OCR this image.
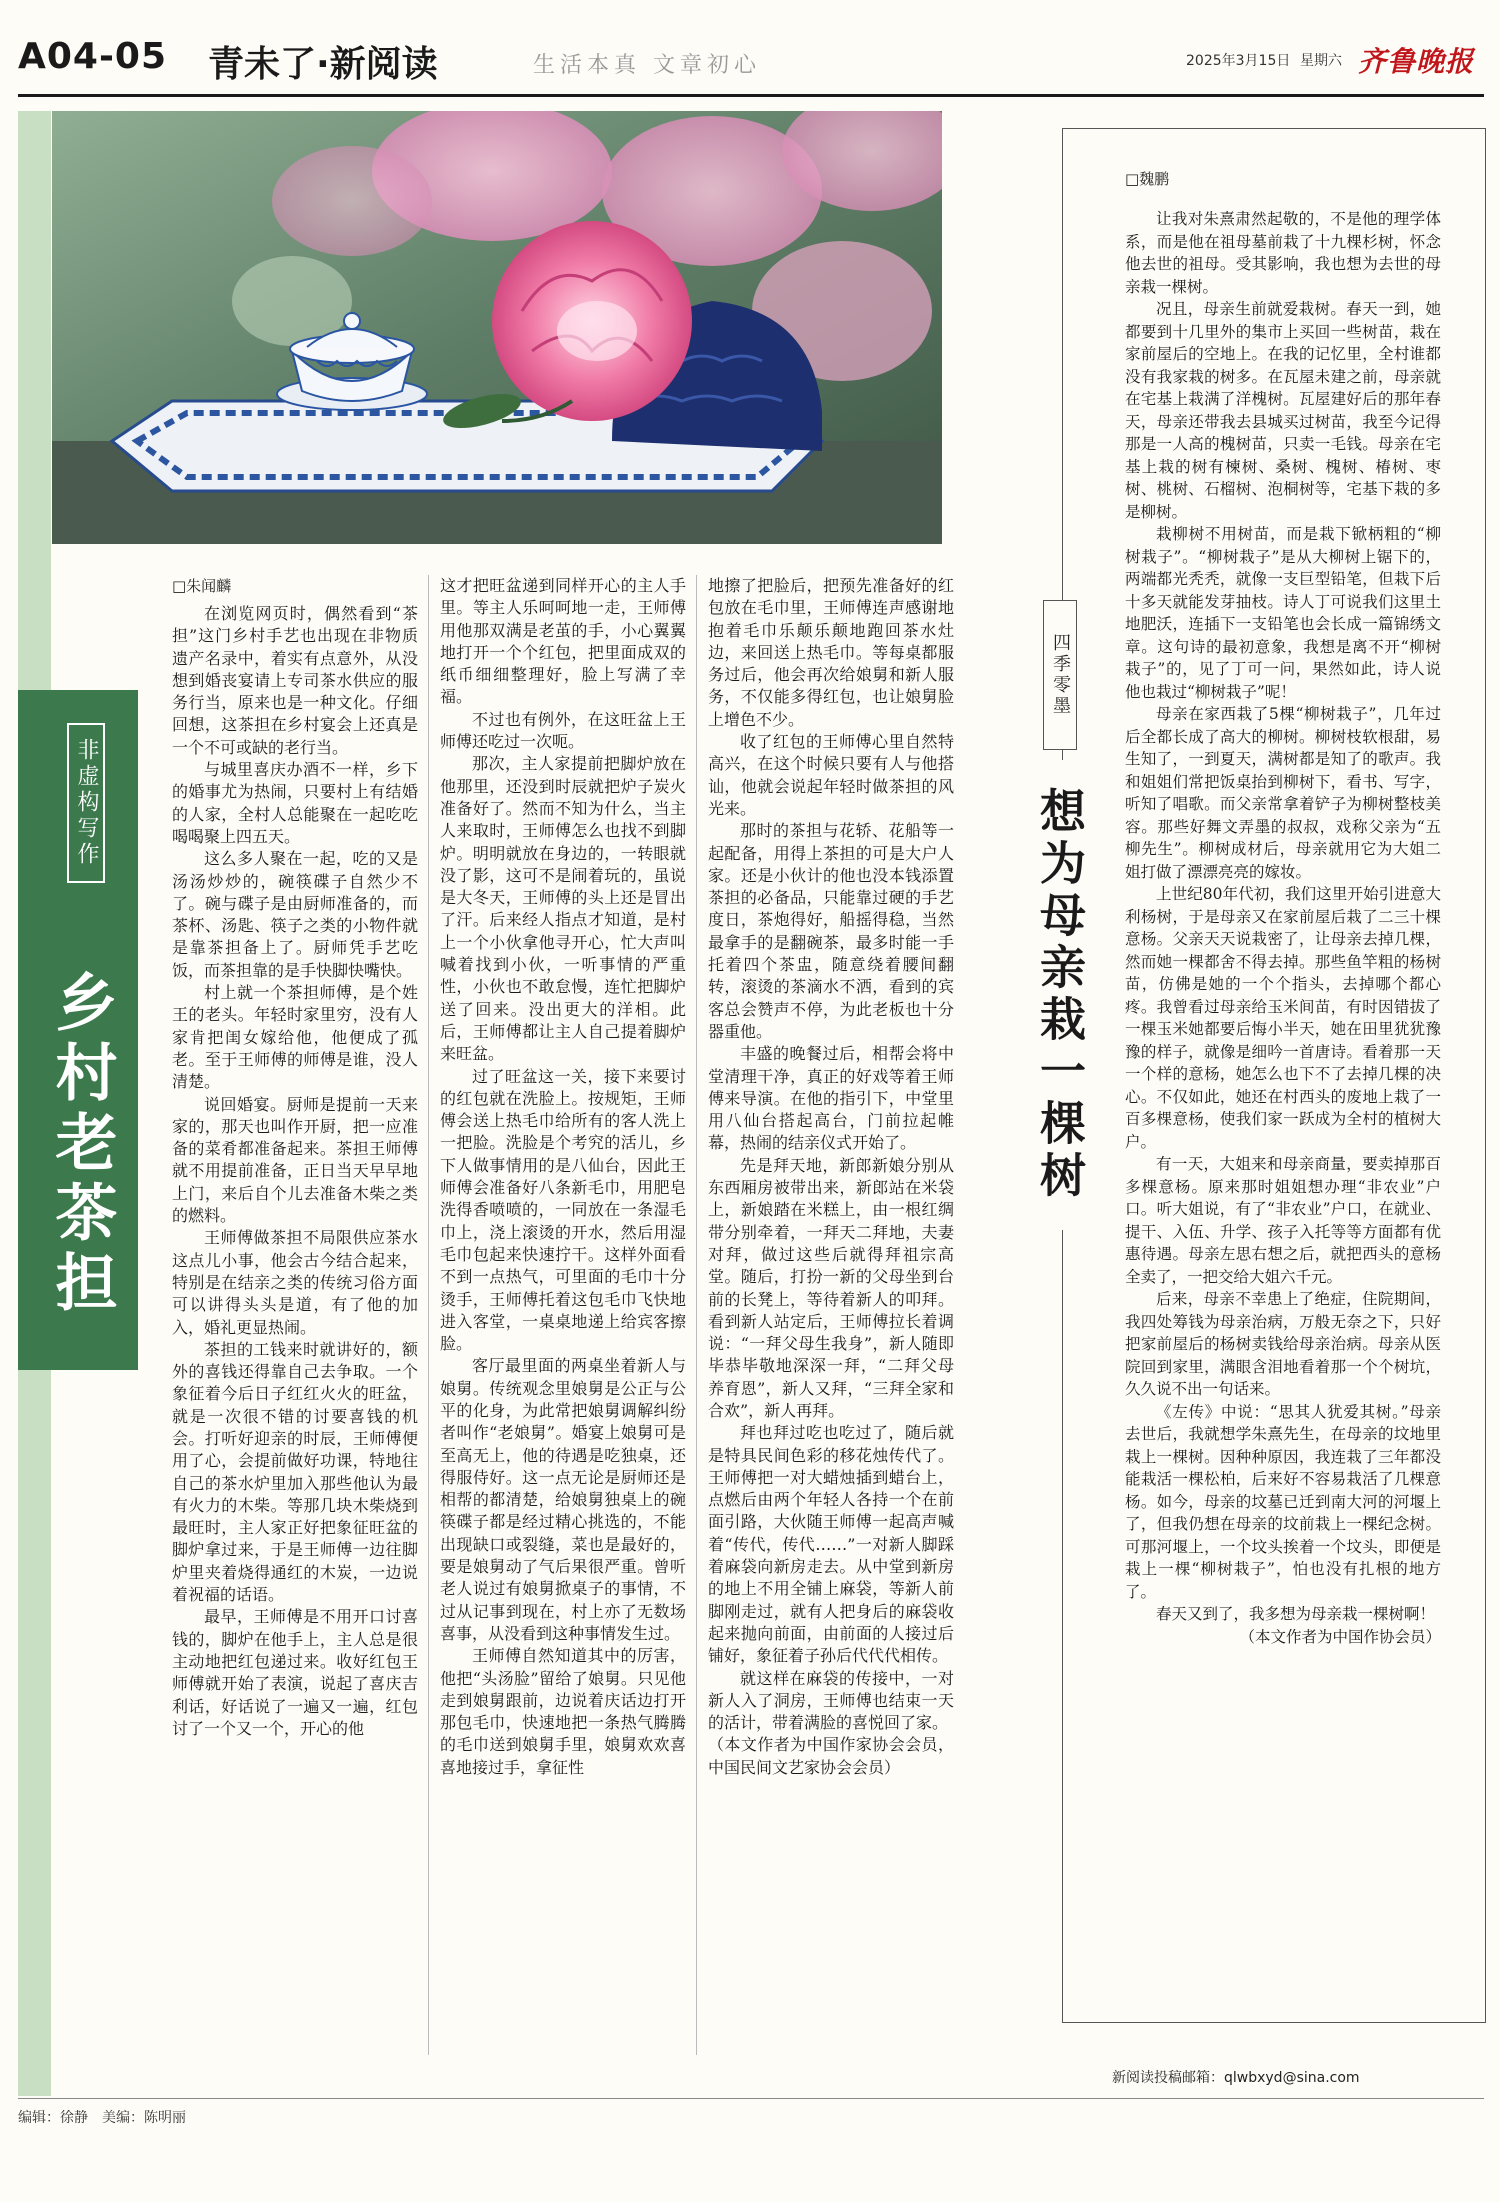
A04-05 青未了·新阅读	生活本真 文章初心	2025年3月15日 星期六 齐鲁晚报
非虚构写作
乡村老茶担
□朱闻麟

在浏览网页时，偶然看到“茶担”这门乡村手艺也出现在非物质遗产名录中，着实有点意外，从没想到婚丧宴请上专司茶水供应的服务行当，原来也是一种文化。仔细回想，这茶担在乡村宴会上还真是一个不可或缺的老行当。

与城里喜庆办酒不一样，乡下的婚事尤为热闹，只要村上有结婚的人家，全村人总能聚在一起吃吃喝喝聚上四五天。

这么多人聚在一起，吃的又是汤汤炒炒的，碗筷碟子自然少不了。碗与碟子是由厨师准备的，而茶杯、汤匙、筷子之类的小物件就是靠茶担备上了。厨师凭手艺吃饭，而茶担靠的是手快脚快嘴快。

村上就一个茶担师傅，是个姓王的老头。年轻时家里穷，没有人家肯把闺女嫁给他，他便成了孤老。至于王师傅的师傅是谁，没人清楚。

说回婚宴。厨师是提前一天来家的，那天也叫作开厨，把一应准备的菜肴都准备起来。茶担王师傅就不用提前准备，正日当天早早地上门，来后自个儿去准备木柴之类的燃料。

王师傅做茶担不局限供应茶水这点儿小事，他会古今结合起来，特别是在结亲之类的传统习俗方面可以讲得头头是道，有了他的加入，婚礼更显热闹。

茶担的工钱来时就讲好的，额外的喜钱还得靠自己去争取。一个象征着今后日子红红火火的旺盆，就是一次很不错的讨要喜钱的机会。打听好迎亲的时辰，王师傅便用了心，会提前做好功课，特地往自己的茶水炉里加入那些他认为最有火力的木柴。等那几块木柴烧到最旺时，主人家正好把象征旺盆的脚炉拿过来，于是王师傅一边往脚炉里夹着烧得通红的木炭，一边说着祝福的话语。

最早，王师傅是不用开口讨喜钱的，脚炉在他手上，主人总是很主动地把红包递过来。收好红包王师傅就开始了表演，说起了喜庆吉利话，好话说了一遍又一遍，红包讨了一个又一个，开心的他

这才把旺盆递到同样开心的主人手里。等主人乐呵呵地一走，王师傅用他那双满是老茧的手，小心翼翼地打开一个个红包，把里面成双的纸币细细整理好，脸上写满了幸福。

不过也有例外，在这旺盆上王师傅还吃过一次呃。

那次，主人家提前把脚炉放在他那里，还没到时辰就把炉子炭火准备好了。然而不知为什么，当主人来取时，王师傅怎么也找不到脚炉。明明就放在身边的，一转眼就没了影，这可不是闹着玩的，虽说是大冬天，王师傅的头上还是冒出了汗。后来经人指点才知道，是村上一个小伙拿他寻开心，忙大声叫喊着找到小伙，一听事情的严重性，小伙也不敢怠慢，连忙把脚炉送了回来。没出更大的洋相。此后，王师傅都让主人自己提着脚炉来旺盆。

过了旺盆这一关，接下来要讨的红包就在洗脸上。按规矩，王师傅会送上热毛巾给所有的客人洗上一把脸。洗脸是个考究的活儿，乡下人做事情用的是八仙台，因此王师傅会准备好八条新毛巾，用肥皂洗得香喷喷的，一同放在一条湿毛巾上，浇上滚烫的开水，然后用湿毛巾包起来快速拧干。这样外面看不到一点热气，可里面的毛巾十分烫手，王师傅托着这包毛巾飞快地进入客堂，一桌桌地递上给宾客擦脸。

客厅最里面的两桌坐着新人与娘舅。传统观念里娘舅是公正与公平的化身，为此常把娘舅调解纠纷者叫作“老娘舅”。婚宴上娘舅可是至高无上，他的待遇是吃独桌，还得服侍好。这一点无论是厨师还是相帮的都清楚，给娘舅独桌上的碗筷碟子都是经过精心挑选的，不能出现缺口或裂缝，菜也是最好的，要是娘舅动了气后果很严重。曾听老人说过有娘舅掀桌子的事情，不过从记事到现在，村上亦了无数场喜事，从没看到这种事情发生过。

王师傅自然知道其中的厉害，他把“头汤脸”留给了娘舅。只见他走到娘舅跟前，边说着庆话边打开那包毛巾，快速地把一条热气腾腾的毛巾送到娘舅手里，娘舅欢欢喜喜地接过手，拿征性

地擦了把脸后，把预先准备好的红包放在毛巾里，王师傅连声感谢地抱着毛巾乐颠乐颠地跑回茶水灶边，来回送上热毛巾。等每桌都服务过后，他会再次给娘舅和新人服务，不仅能多得红包，也让娘舅脸上增色不少。

收了红包的王师傅心里自然特高兴，在这个时候只要有人与他搭讪，他就会说起年轻时做茶担的风光来。

那时的茶担与花轿、花船等一起配备，用得上茶担的可是大户人家。还是小伙计的他也没本钱添置茶担的必备品，只能靠过硬的手艺度日，茶炮得好，船摇得稳，当然最拿手的是翻碗茶，最多时能一手托着四个茶盅，随意绕着腰间翻转，滚烫的茶滴水不洒，看到的宾客总会赞声不停，为此老板也十分器重他。

丰盛的晚餐过后，相帮会将中堂清理干净，真正的好戏等着王师傅来导演。在他的指引下，中堂里用八仙台搭起高台，门前拉起帷幕，热闹的结亲仪式开始了。

先是拜天地，新郎新娘分别从东西厢房被带出来，新郎站在米袋上，新娘踏在米糕上，由一根红绸带分别牵着，一拜天二拜地，夫妻对拜，做过这些后就得拜祖宗高堂。随后，打扮一新的父母坐到台前的长凳上，等待着新人的叩拜。看到新人站定后，王师傅拉长着调说：“一拜父母生我身”，新人随即毕恭毕敬地深深一拜，“二拜父母养育恩”，新人又拜，“三拜全家和合欢”，新人再拜。

拜也拜过吃也吃过了，随后就是特具民间色彩的移花烛传代了。王师傅把一对大蜡烛插到蜡台上，点燃后由两个年轻人各持一个在前面引路，大伙随王师傅一起高声喊着“传代，传代……”一对新人脚踩着麻袋向新房走去。从中堂到新房的地上不用全铺上麻袋，等新人前脚刚走过，就有人把身后的麻袋收起来抛向前面，由前面的人接过后铺好，象征着子孙后代代代相传。

就这样在麻袋的传接中，一对新人入了洞房，王师傅也结束一天的活计，带着满脸的喜悦回了家。

（本文作者为中国作家协会会员，中国民间文艺家协会会员）

四季零墨
想为母亲栽一棵树
□魏鹏

让我对朱熹肃然起敬的，不是他的理学体系，而是他在祖母墓前栽了十九棵杉树，怀念他去世的祖母。受其影响，我也想为去世的母亲栽一棵树。

况且，母亲生前就爱栽树。春天一到，她都要到十几里外的集市上买回一些树苗，栽在家前屋后的空地上。在我的记忆里，全村谁都没有我家栽的树多。在瓦屋未建之前，母亲就在宅基上栽满了洋槐树。瓦屋建好后的那年春天，母亲还带我去县城买过树苗，我至今记得那是一人高的槐树苗，只卖一毛钱。母亲在宅基上栽的树有楝树、桑树、槐树、椿树、枣树、桃树、石榴树、泡桐树等，宅基下栽的多是柳树。

栽柳树不用树苗，而是栽下锨柄粗的“柳树栽子”。“柳树栽子”是从大柳树上锯下的，两端都光秃秃，就像一支巨型铅笔，但栽下后十多天就能发芽抽枝。诗人丁可说我们这里土地肥沃，连插下一支铅笔也会长成一篇锦绣文章。这句诗的最初意象，我想是离不开“柳树栽子”的，见了丁可一问，果然如此，诗人说他也栽过“柳树栽子”呢！

母亲在家西栽了5棵“柳树栽子”，几年过后全都长成了高大的柳树。柳树枝软根甜，易生知了，一到夏天，满树都是知了的歌声。我和姐姐们常把饭桌抬到柳树下，看书、写字，听知了唱歌。而父亲常拿着铲子为柳树整枝美容。那些好舞文弄墨的叔叔，戏称父亲为“五柳先生”。柳树成材后，母亲就用它为大姐二姐打做了漂漂亮亮的嫁妆。

上世纪80年代初，我们这里开始引进意大利杨树，于是母亲又在家前屋后栽了二三十棵意杨。父亲天天说栽密了，让母亲去掉几棵，然而她一棵都舍不得去掉。那些鱼竿粗的杨树苗，仿佛是她的一个个指头，去掉哪个都心疼。我曾看过母亲给玉米间苗，有时因错拔了一棵玉米她都要后悔小半天，她在田里犹犹豫豫的样子，就像是细吟一首唐诗。看着那一天一个样的意杨，她怎么也下不了去掉几棵的决心。不仅如此，她还在村西头的废地上栽了一百多棵意杨，使我们家一跃成为全村的植树大户。

有一天，大姐来和母亲商量，要卖掉那百多棵意杨。原来那时姐姐想办理“非农业”户口。听大姐说，有了“非农业”户口，在就业、提干、入伍、升学、孩子入托等等方面都有优惠待遇。母亲左思右想之后，就把西头的意杨全卖了，一把交给大姐六千元。

后来，母亲不幸患上了绝症，住院期间，我四处筹钱为母亲治病，万般无奈之下，只好把家前屋后的杨树卖钱给母亲治病。母亲从医院回到家里，满眼含泪地看着那一个个树坑，久久说不出一句话来。

《左传》中说：“思其人犹爱其树。”母亲去世后，我就想学朱熹先生，在母亲的坟地里栽上一棵树。因种种原因，我连栽了三年都没能栽活一棵松柏，后来好不容易栽活了几棵意杨。如今，母亲的坟墓已迁到南大河的河堰上了，但我仍想在母亲的坟前栽上一棵纪念树。可那河堰上，一个坟头挨着一个坟头，即便是栽上一棵“柳树栽子”，怕也没有扎根的地方了。

春天又到了，我多想为母亲栽一棵树啊！

（本文作者为中国作协会员）

新阅读投稿邮箱：qlwbxyd@sina.com
编辑：徐静　美编：陈明丽
